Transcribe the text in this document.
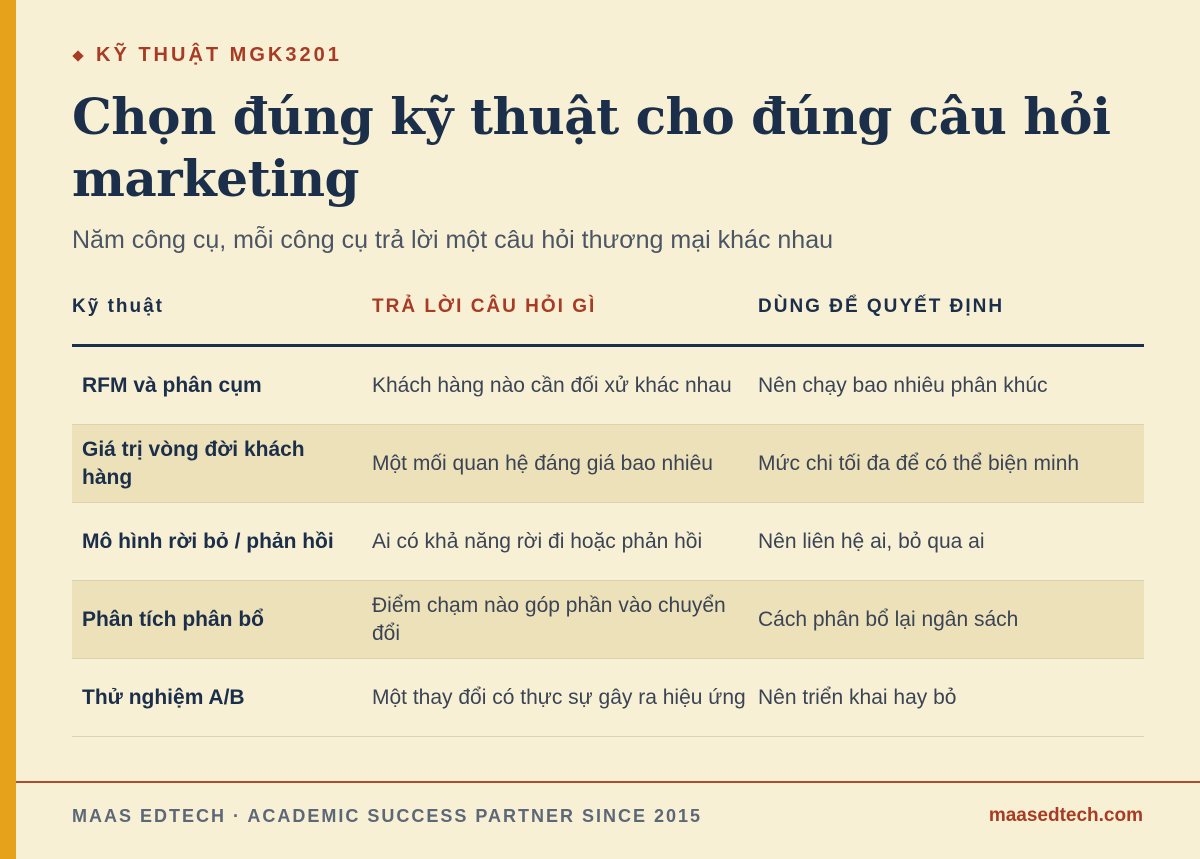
KỸ THUẬT MGK3201
Chọn đúng kỹ thuật cho đúng câu hỏi marketing
Năm công cụ, mỗi công cụ trả lời một câu hỏi thương mại khác nhau
Kỹ thuật	TRẢ LỜI CÂU HỎI GÌ	DÙNG ĐỂ QUYẾT ĐỊNH
RFM và phân cụm	Khách hàng nào cần đối xử khác nhau	Nên chạy bao nhiêu phân khúc
Giá trị vòng đời khách hàng	Một mối quan hệ đáng giá bao nhiêu	Mức chi tối đa để có thể biện minh
Mô hình rời bỏ / phản hồi	Ai có khả năng rời đi hoặc phản hồi	Nên liên hệ ai, bỏ qua ai
Phân tích phân bổ	Điểm chạm nào góp phần vào chuyển đổi	Cách phân bổ lại ngân sách
Thử nghiệm A/B	Một thay đổi có thực sự gây ra hiệu ứng	Nên triển khai hay bỏ
MAAS EDTECH · ACADEMIC SUCCESS PARTNER SINCE 2015	maasedtech.com
